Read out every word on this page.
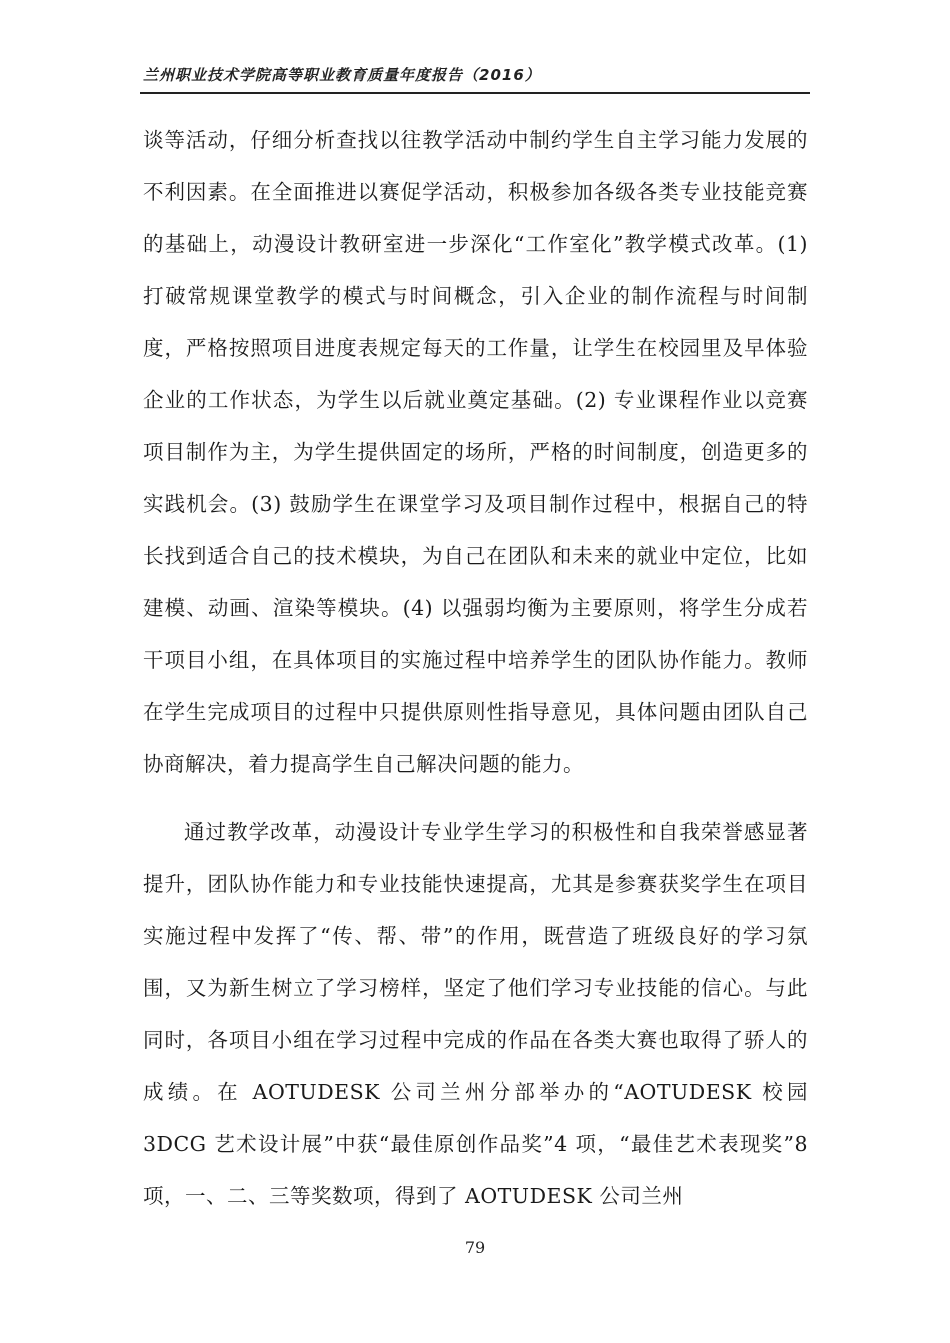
兰州职业技术学院高等职业教育质量年度报告（2016）

谈等活动，仔细分析查找以往教学活动中制约学生自主学习能力发展的不利因素。在全面推进以赛促学活动，积极参加各级各类专业技能竞赛的基础上，动漫设计教研室进一步深化“工作室化”教学模式改革。(1) 打破常规课堂教学的模式与时间概念，引入企业的制作流程与时间制度，严格按照项目进度表规定每天的工作量，让学生在校园里及早体验企业的工作状态，为学生以后就业奠定基础。(2) 专业课程作业以竞赛项目制作为主，为学生提供固定的场所，严格的时间制度，创造更多的实践机会。(3) 鼓励学生在课堂学习及项目制作过程中，根据自己的特长找到适合自己的技术模块，为自己在团队和未来的就业中定位，比如建模、动画、渲染等模块。(4) 以强弱均衡为主要原则，将学生分成若干项目小组，在具体项目的实施过程中培养学生的团队协作能力。教师在学生完成项目的过程中只提供原则性指导意见，具体问题由团队自己协商解决，着力提高学生自己解决问题的能力。

通过教学改革，动漫设计专业学生学习的积极性和自我荣誉感显著提升，团队协作能力和专业技能快速提高，尤其是参赛获奖学生在项目实施过程中发挥了“传、帮、带”的作用，既营造了班级良好的学习氛围，又为新生树立了学习榜样，坚定了他们学习专业技能的信心。与此同时，各项目小组在学习过程中完成的作品在各类大赛也取得了骄人的成绩。在 AOTUDESK 公司兰州分部举办的“AOTUDESK 校园 3DCG 艺术设计展”中获“最佳原创作品奖”4 项，“最佳艺术表现奖”8 项，一、二、三等奖数项，得到了 AOTUDESK 公司兰州

79
